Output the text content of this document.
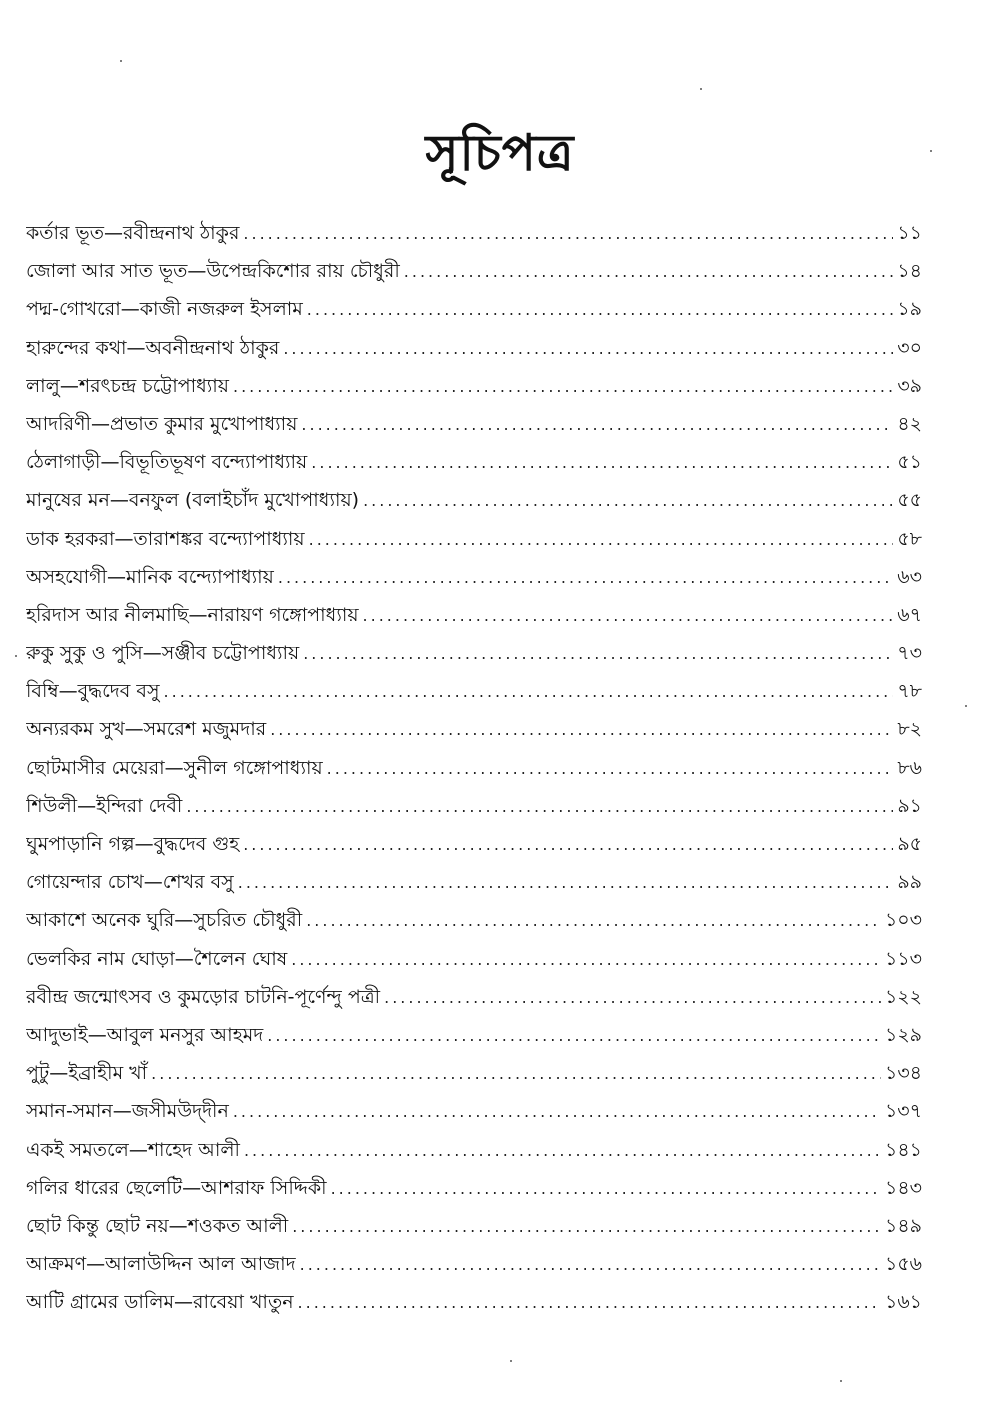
সূচিপত্র
কর্তার ভূত—রবীন্দ্রনাথ ঠাকুর .....	১১
জোলা আর সাত ভূত—উপেন্দ্রকিশোর রায় চৌধুরী .....	১৪
পদ্ম-গোখরো—কাজী নজরুল ইসলাম .....	১৯
হারুন্দের কথা—অবনীন্দ্রনাথ ঠাকুর .....	৩০
লালু—শরৎচন্দ্র চট্টোপাধ্যায় .....	৩৯
আদরিণী—প্রভাত কুমার মুখোপাধ্যায় .....	৪২
ঠেলাগাড়ী—বিভূতিভূষণ বন্দ্যোপাধ্যায় .....	৫১
মানুষের মন—বনফুল (বলাইচাঁদ মুখোপাধ্যায়) .....	৫৫
ডাক হরকরা—তারাশঙ্কর বন্দ্যোপাধ্যায় .....	৫৮
অসহযোগী—মানিক বন্দ্যোপাধ্যায় .....	৬৩
হরিদাস আর নীলমাছি—নারায়ণ গঙ্গোপাধ্যায় .....	৬৭
রুকু সুকু ও পুসি—সঞ্জীব চট্টোপাধ্যায় .....	৭৩
বিম্বি—বুদ্ধদেব বসু .....	৭৮
অন্যরকম সুখ—সমরেশ মজুমদার .....	৮২
ছোটমাসীর মেয়েরা—সুনীল গঙ্গোপাধ্যায় .....	৮৬
শিউলী—ইন্দিরা দেবী .....	৯১
ঘুমপাড়ানি গল্প—বুদ্ধদেব গুহ .....	৯৫
গোয়েন্দার চোখ—শেখর বসু .....	৯৯
আকাশে অনেক ঘুরি—সুচরিত চৌধুরী .....	১০৩
ভেলকির নাম ঘোড়া—শৈলেন ঘোষ .....	১১৩
রবীন্দ্র জন্মোৎসব ও কুমড়োর চাটনি-পূর্ণেন্দু পত্রী .....	১২২
আদুভাই—আবুল মনসুর আহমদ .....	১২৯
পুটু—ইব্রাহীম খাঁ .....	১৩৪
সমান-সমান—জসীমউদ্‌দীন .....	১৩৭
একই সমতলে—শাহেদ আলী .....	১৪১
গলির ধারের ছেলেটি—আশরাফ সিদ্দিকী .....	১৪৩
ছোট কিন্তু ছোট নয়—শওকত আলী .....	১৪৯
আক্রমণ—আলাউদ্দিন আল আজাদ .....	১৫৬
আটি গ্রামের ডালিম—রাবেয়া খাতুন .....	১৬১
